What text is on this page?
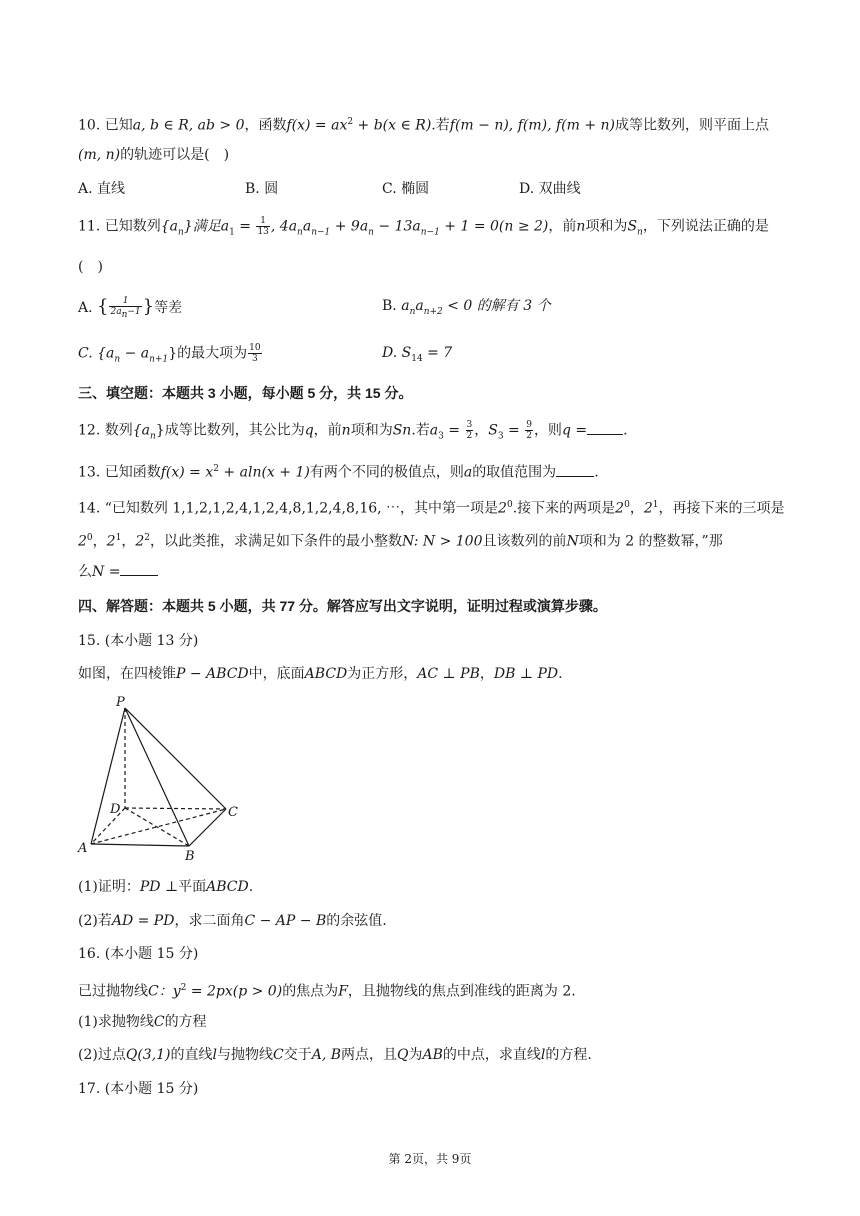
10. 已知a, b ∈ R, ab > 0，函数$f(x) = ax^2 + b(x$ ∈ R).若f(m − n), f(m), f(m + n)成等比数列，则平面上点
(m, n)的轨迹可以是(　)
A. 直线	B. 圆	C. 椭圆	D. 双曲线
11. 已知数列$\{a_n\}$满足$a_1 = \frac{1}{13}$ , $4a_na_{n-1} + 9a_n - 13a_{n-1} + 1 = 0(n \ge 2)$，前n项和为$S_n$，下列说法正确的是
(　)
A. { $\frac{1}{2a_n-1}$ }等差	B. $a_na_{n+2} < 0$ 的解有 3 个
C. $\{a_n - a_{n+1}\}$的最大项为 $\frac{10}{3}$	D. $S_{14} = 7$
三、填空题：本题共 3 小题，每小题 5 分，共 15 分。
12. 数列$\{a_n\}$成等比数列，其公比为q，前n项和为Sn.若$a_3 = \frac{3}{2}$ ，$S_3 = \frac{9}{2}$ ，则q =	.
13. 已知函数$f(x) = x^2 + aln(x + 1)$有两个不同的极值点，则a的取值范围为	.
14. “已知数列 1,1,2,1,2,4,1,2,4,8,1,2,4,8,16, ⋯，其中第一项是$2^0$.接下来的两项是$2^0$，$2^1$，再接下来的三项是
$2^0$，$2^1$，$2^2$，以此类推，求满足如下条件的最小整数N: N > 100且该数列的前N项和为 2 的整数幂，”那
么N =
四、解答题：本题共 5 小题，共 77 分。解答应写出文字说明，证明过程或演算步骤。
15. (本小题 13 分)
如图，在四棱锥P − ABCD中，底面ABCD为正方形，AC ⊥ PB，DB ⊥ PD.
P
D	C
A
B
(1)证明：PD ⊥平面ABCD.
(2)若AD = PD，求二面角C − AP − B的余弦值.
16. (本小题 15 分)
已过抛物线C：$y^2 = 2px(p > 0)$的焦点为F，且抛物线的焦点到准线的距离为 2.
(1)求抛物线C的方程
(2)过点Q(3,1)的直线l与抛物线C交于A, B两点，且Q为AB的中点，求直线l的方程.
17. (本小题 15 分)
第 2页，共 9页
